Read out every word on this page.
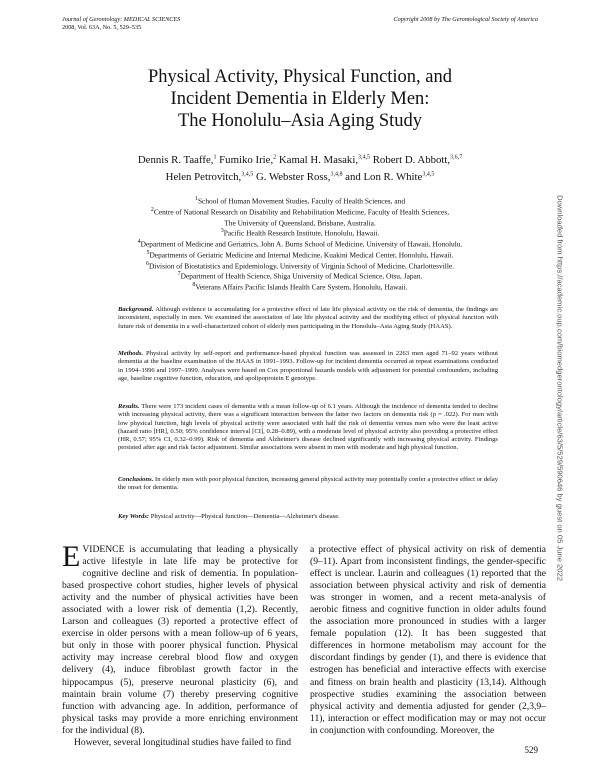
Journal of Gerontology: MEDICAL SCIENCES
2008, Vol. 63A, No. 5, 529–535
Copyright 2008 by The Gerontological Society of America
Physical Activity, Physical Function, and
Incident Dementia in Elderly Men:
The Honolulu–Asia Aging Study
Dennis R. Taaffe,$^1$ Fumiko Irie,$^2$ Kamal H. Masaki,$^{3,4,5}$ Robert D. Abbott,$^{3,6,7}$
Helen Petrovitch,$^{3,4,5}$ G. Webster Ross,$^{3,4,8}$ and Lon R. White$^{3,4,5}$
$^1$School of Human Movement Studies, Faculty of Health Sciences, and
$^2$Centre of National Research on Disability and Rehabilitation Medicine, Faculty of Health Sciences,
The University of Queensland, Brisbane, Australia.
$^3$Pacific Health Research Institute, Honolulu, Hawaii.
$^4$Department of Medicine and Geriatrics, John A. Burns School of Medicine, University of Hawaii, Honolulu.
$^5$Departments of Geriatric Medicine and Internal Medicine, Kuakini Medical Center, Honolulu, Hawaii.
$^6$Division of Biostatistics and Epidemiology, University of Virginia School of Medicine, Charlottesville.
$^7$Department of Health Science, Shiga University of Medical Science, Otsu, Japan.
$^8$Veterans Affairs Pacific Islands Health Care System, Honolulu, Hawaii.
Background. Although evidence is accumulating for a protective effect of late life physical activity on the risk of dementia, the findings are inconsistent, especially in men. We examined the association of late life physical activity and the modifying effect of physical function with future risk of dementia in a well-characterized cohort of elderly men participating in the Honolulu–Asia Aging Study (HAAS).
Methods. Physical activity by self-report and performance-based physical function was assessed in 2263 men aged 71–92 years without dementia at the baseline examination of the HAAS in 1991–1993. Follow-up for incident dementia occurred at repeat examinations conducted in 1994–1996 and 1997–1999. Analyses were based on Cox proportional hazards models with adjustment for potential confounders, including age, baseline cognitive function, education, and apolipoprotein E genotype.
Results. There were 173 incident cases of dementia with a mean follow-up of 6.1 years. Although the incidence of dementia tended to decline with increasing physical activity, there was a significant interaction between the latter two factors on dementia risk (p = .022). For men with low physical function, high levels of physical activity were associated with half the risk of dementia versus men who were the least active (hazard ratio [HR], 0.50; 95% confidence interval [CI], 0.28–0.89), with a moderate level of physical activity also providing a protective effect (HR, 0.57; 95% CI, 0.32–0.99). Risk of dementia and Alzheimer's disease declined significantly with increasing physical activity. Findings persisted after age and risk factor adjustment. Similar associations were absent in men with moderate and high physical function.
Conclusions. In elderly men with poor physical function, increasing general physical activity may potentially confer a protective effect or delay the onset for dementia.
Key Words: Physical activity—Physical function—Dementia—Alzheimer's disease.

EVIDENCE is accumulating that leading a physically active lifestyle in late life may be protective for cognitive decline and risk of dementia. In population-based prospective cohort studies, higher levels of physical activity and the number of physical activities have been associated with a lower risk of dementia (1,2). Recently, Larson and colleagues (3) reported a protective effect of exercise in older persons with a mean follow-up of 6 years, but only in those with poorer physical function. Physical activity may increase cerebral blood flow and oxygen delivery (4), induce fibroblast growth factor in the hippocampus (5), preserve neuronal plasticity (6), and maintain brain volume (7) thereby preserving cognitive function with advancing age. In addition, performance of physical tasks may provide a more enriching environment for the individual (8).

However, several longitudinal studies have failed to find

a protective effect of physical activity on risk of dementia (9–11). Apart from inconsistent findings, the gender-specific effect is unclear. Laurin and colleagues (1) reported that the association between physical activity and risk of dementia was stronger in women, and a recent meta-analysis of aerobic fitness and cognitive function in older adults found the association more pronounced in studies with a larger female population (12). It has been suggested that differences in hormone metabolism may account for the discordant findings by gender (1), and there is evidence that estrogen has beneficial and interactive effects with exercise and fitness on brain health and plasticity (13,14). Although prospective studies examining the association between physical activity and dementia adjusted for gender (2,3,9–11), interaction or effect modification may or may not occur in conjunction with confounding. Moreover, the

529
Downloaded from https://academic.oup.com/biomedgerontology/article/63/5/529/590646 by guest on 05 June 2022
